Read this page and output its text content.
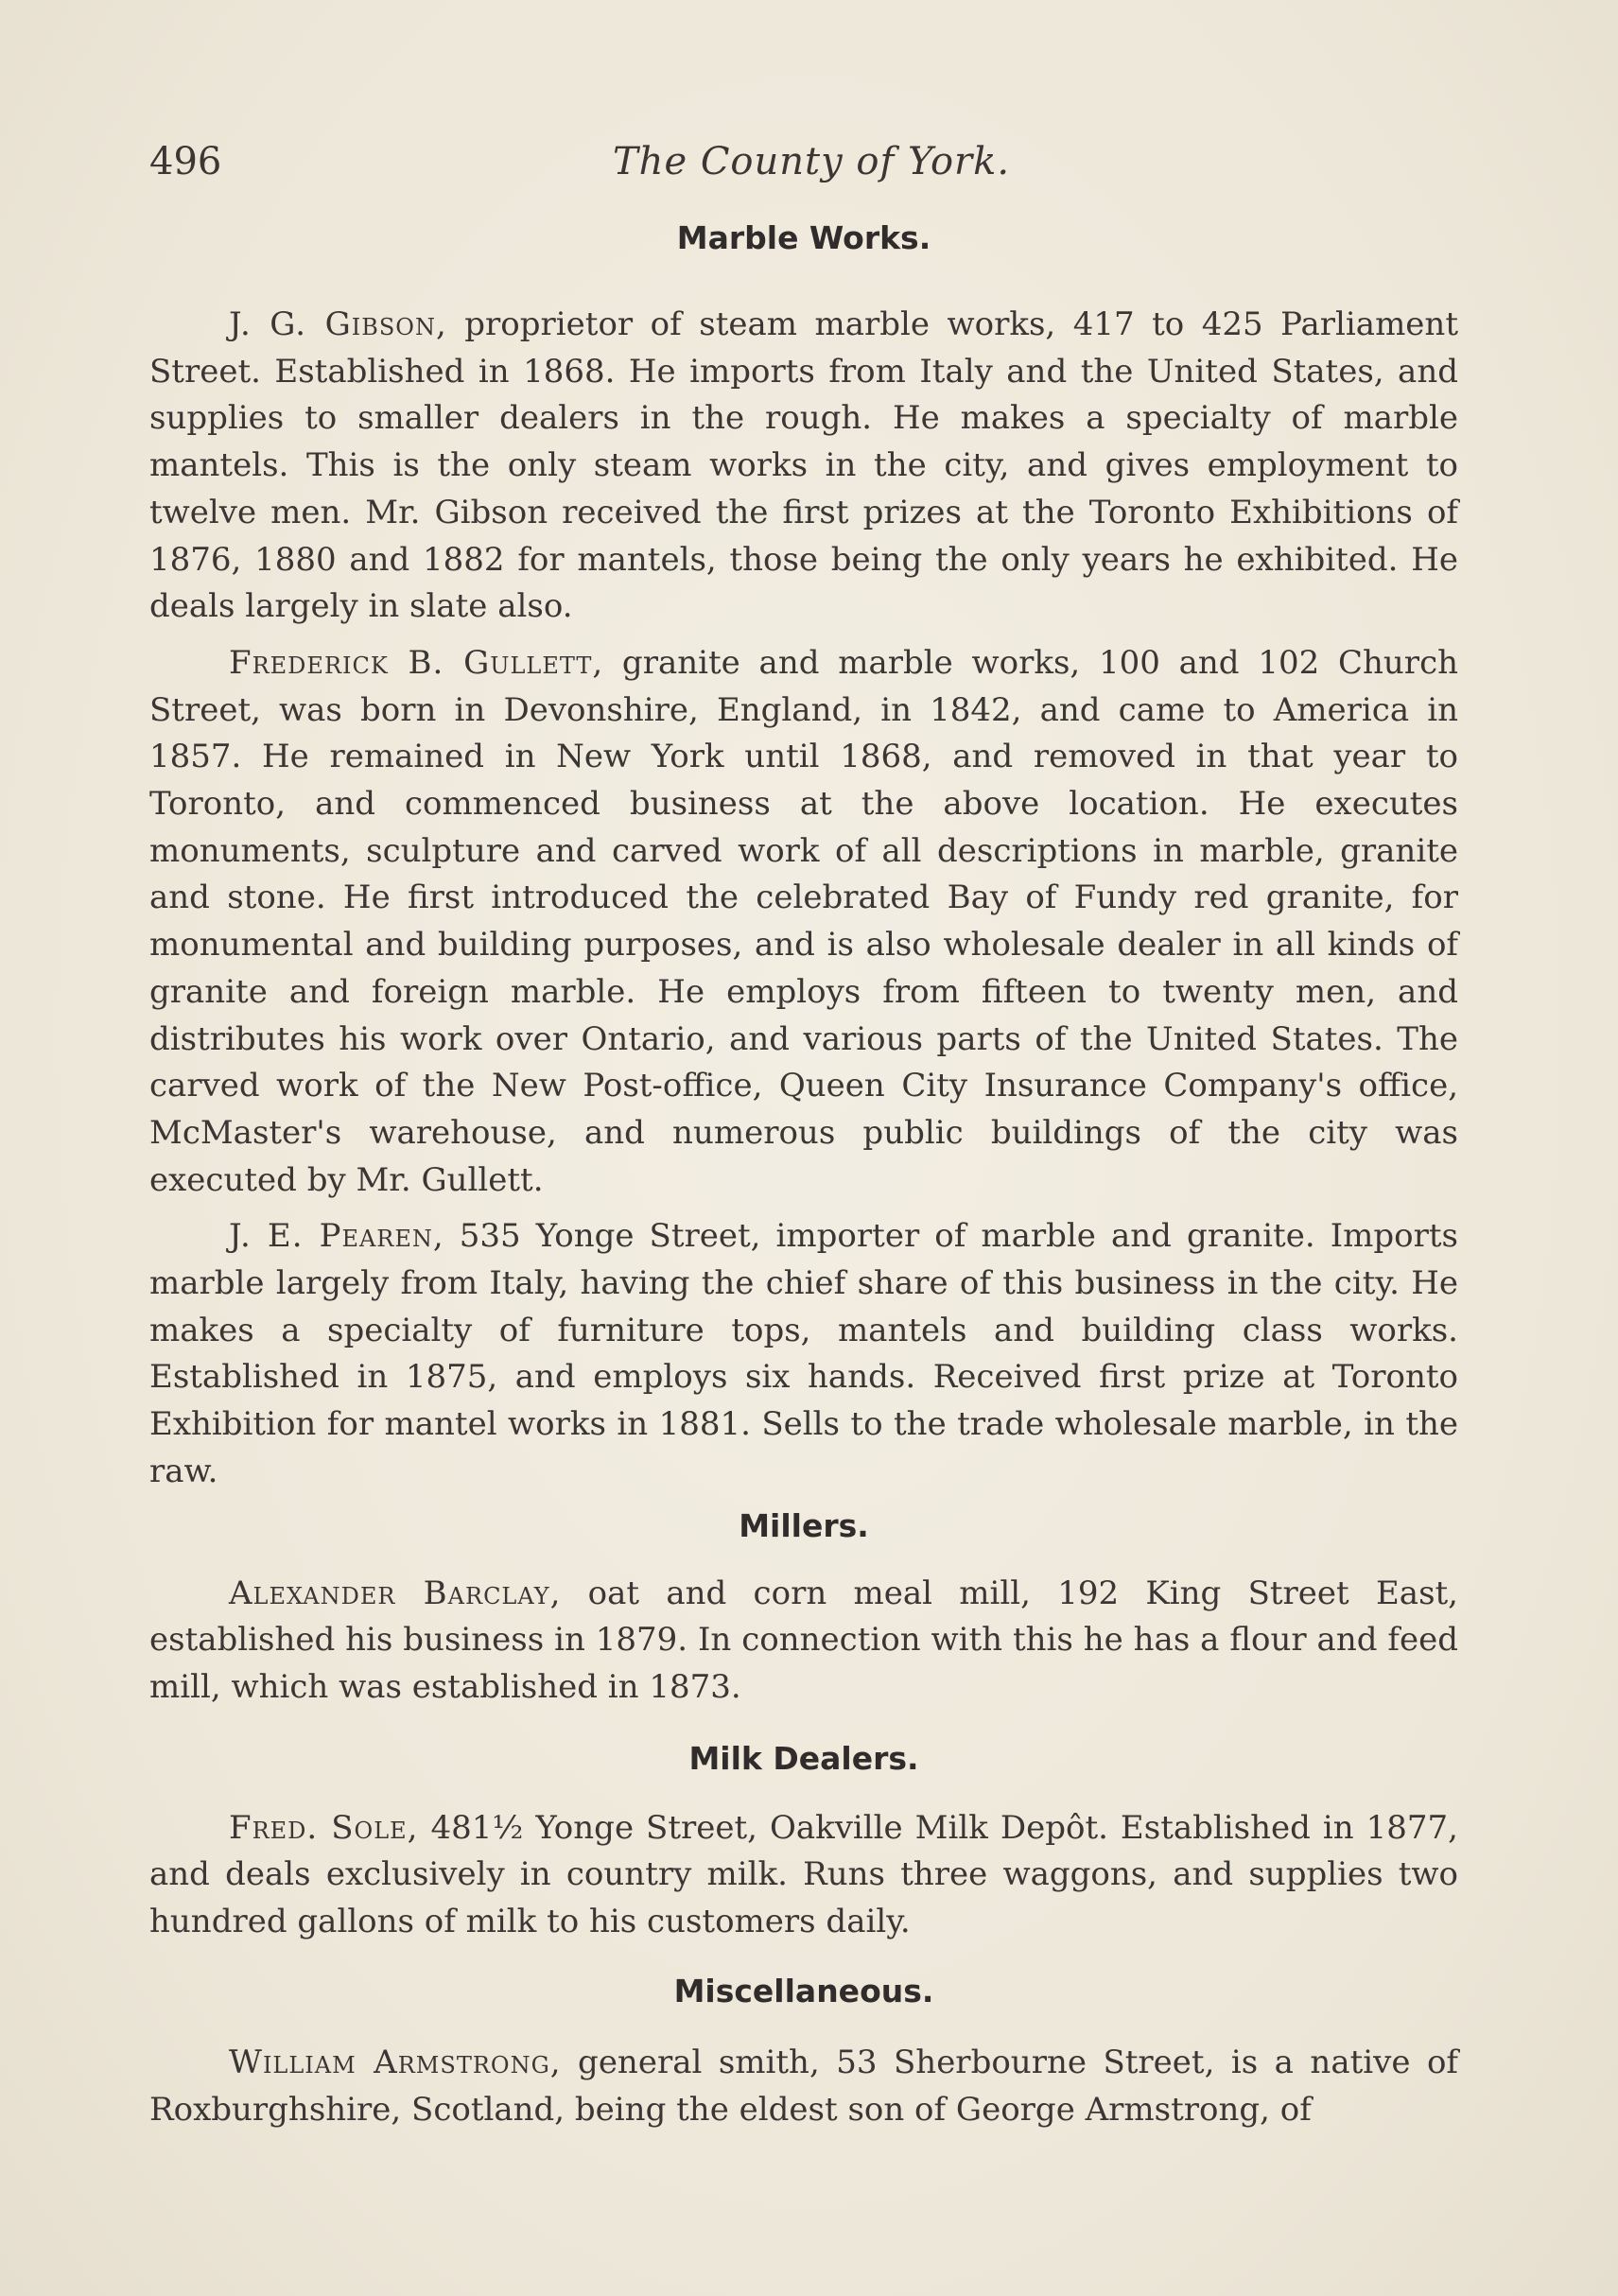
496	The County of York.
Marble Works.

J. G. Gibson, proprietor of steam marble works, 417 to 425 Parliament Street. Established in 1868. He imports from Italy and the United States, and supplies to smaller dealers in the rough. He makes a specialty of marble mantels. This is the only steam works in the city, and gives employment to twelve men. Mr. Gibson received the first prizes at the Toronto Exhibitions of 1876, 1880 and 1882 for mantels, those being the only years he exhibited. He deals largely in slate also.

Frederick B. Gullett, granite and marble works, 100 and 102 Church Street, was born in Devonshire, England, in 1842, and came to America in 1857. He remained in New York until 1868, and removed in that year to Toronto, and commenced business at the above location. He executes monuments, sculpture and carved work of all descriptions in marble, granite and stone. He first introduced the celebrated Bay of Fundy red granite, for monumental and building purposes, and is also wholesale dealer in all kinds of granite and foreign marble. He employs from fifteen to twenty men, and distributes his work over Ontario, and various parts of the United States. The carved work of the New Post-office, Queen City Insurance Company's office, McMaster's warehouse, and numerous public buildings of the city was executed by Mr. Gullett.

J. E. Pearen, 535 Yonge Street, importer of marble and granite. Imports marble largely from Italy, having the chief share of this business in the city. He makes a specialty of furniture tops, mantels and building class works. Established in 1875, and employs six hands. Received first prize at Toronto Exhibition for mantel works in 1881. Sells to the trade wholesale marble, in the raw.

Millers.

Alexander Barclay, oat and corn meal mill, 192 King Street East, established his business in 1879. In connection with this he has a flour and feed mill, which was established in 1873.

Milk Dealers.

Fred. Sole, 481½ Yonge Street, Oakville Milk Depôt. Established in 1877, and deals exclusively in country milk. Runs three waggons, and supplies two hundred gallons of milk to his customers daily.

Miscellaneous.

William Armstrong, general smith, 53 Sherbourne Street, is a native of Roxburghshire, Scotland, being the eldest son of George Armstrong, of
